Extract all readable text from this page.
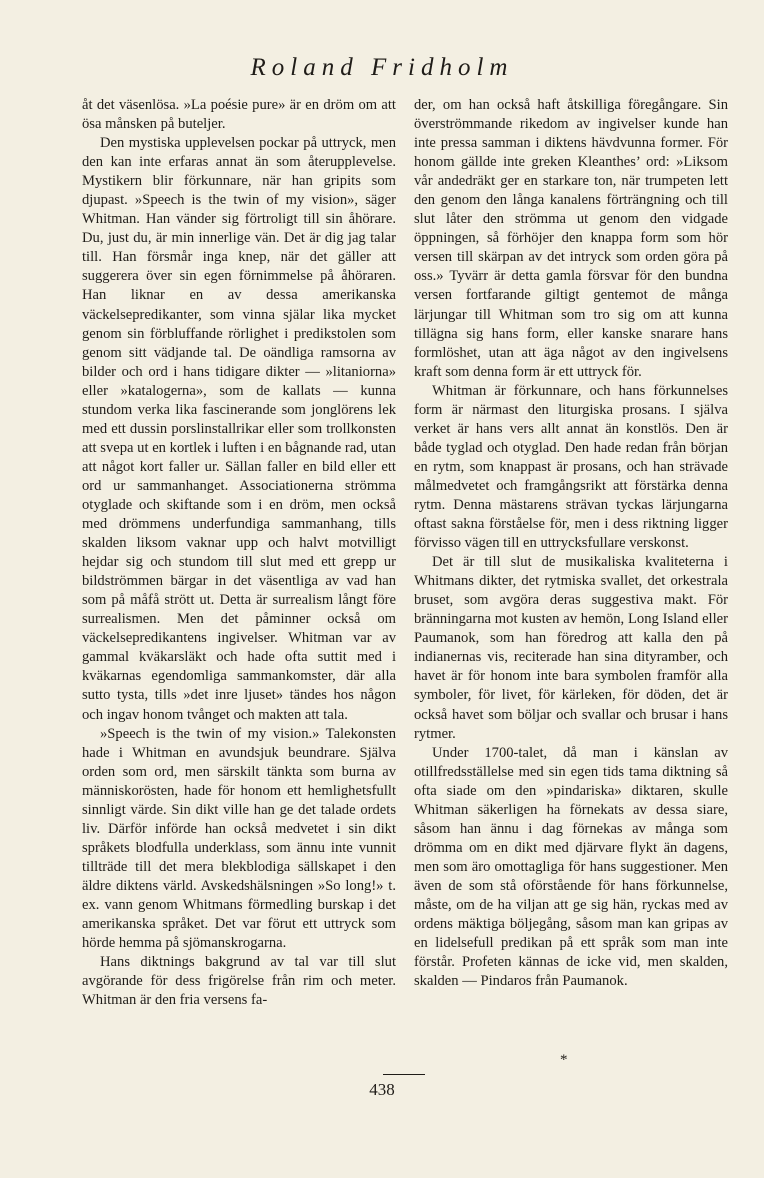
Roland Fridholm

åt det väsenlösa. »La poésie pure» är en dröm om att ösa månsken på buteljer.

Den mystiska upplevelsen pockar på uttryck, men den kan inte erfaras annat än som återupplevelse. Mystikern blir förkunnare, när han gripits som djupast. »Speech is the twin of my vision», säger Whitman. Han vänder sig förtroligt till sin åhörare. Du, just du, är min innerlige vän. Det är dig jag talar till. Han försmår inga knep, när det gäller att suggerera över sin egen förnimmelse på åhöraren. Han liknar en av dessa amerikanska väckelsepredikanter, som vinna själar lika mycket genom sin förbluffande rörlighet i predikstolen som genom sitt vädjande tal. De oändliga ramsorna av bilder och ord i hans tidigare dikter — »litaniorna» eller »katalogerna», som de kallats — kunna stundom verka lika fascinerande som jonglörens lek med ett dussin porslinstallrikar eller som trollkonsten att svepa ut en kortlek i luften i en bågnande rad, utan att något kort faller ur. Sällan faller en bild eller ett ord ur sammanhanget. Associationerna strömma otyglade och skiftande som i en dröm, men också med drömmens underfundiga sammanhang, tills skalden liksom vaknar upp och halvt motvilligt hejdar sig och stundom till slut med ett grepp ur bildströmmen bärgar in det väsentliga av vad han som på måfå strött ut. Detta är surrealism långt före surrealismen. Men det påminner också om väckelsepredikantens ingivelser. Whitman var av gammal kväkarsläkt och hade ofta suttit med i kväkarnas egendomliga sammankomster, där alla sutto tysta, tills »det inre ljuset» tändes hos någon och ingav honom tvånget och makten att tala.

»Speech is the twin of my vision.» Talekonsten hade i Whitman en avundsjuk beundrare. Själva orden som ord, men särskilt tänkta som burna av människorösten, hade för honom ett hemlighetsfullt sinnligt värde. Sin dikt ville han ge det talade ordets liv. Därför införde han också medvetet i sin dikt språkets blodfulla underklass, som ännu inte vunnit tillträde till det mera blekblodiga sällskapet i den äldre diktens värld. Avskedshälsningen »So long!» t. ex. vann genom Whitmans förmedling burskap i det amerikanska språket. Det var förut ett uttryck som hörde hemma på sjömanskrogarna.

Hans diktnings bakgrund av tal var till slut avgörande för dess frigörelse från rim och meter. Whitman är den fria versens fa-

der, om han också haft åtskilliga föregångare. Sin överströmmande rikedom av ingivelser kunde han inte pressa samman i diktens hävdvunna former. För honom gällde inte greken Kleanthes’ ord: »Liksom vår andedräkt ger en starkare ton, när trumpeten lett den genom den långa kanalens förträngning och till slut låter den strömma ut genom den vidgade öppningen, så förhöjer den knappa form som hör versen till skärpan av det intryck som orden göra på oss.» Tyvärr är detta gamla försvar för den bundna versen fortfarande giltigt gentemot de många lärjungar till Whitman som tro sig om att kunna tillägna sig hans form, eller kanske snarare hans formlöshet, utan att äga något av den ingivelsens kraft som denna form är ett uttryck för.

Whitman är förkunnare, och hans förkunnelses form är närmast den liturgiska prosans. I själva verket är hans vers allt annat än konstlös. Den är både tyglad och otyglad. Den hade redan från början en rytm, som knappast är prosans, och han strävade målmedvetet och framgångsrikt att förstärka denna rytm. Denna mästarens strävan tyckas lärjungarna oftast sakna förståelse för, men i dess riktning ligger förvisso vägen till en uttrycksfullare verskonst.

Det är till slut de musikaliska kvaliteterna i Whitmans dikter, det rytmiska svallet, det orkestrala bruset, som avgöra deras suggestiva makt. För bränningarna mot kusten av hemön, Long Island eller Paumanok, som han föredrog att kalla den på indianernas vis, reciterade han sina dityramber, och havet är för honom inte bara symbolen framför alla symboler, för livet, för kärleken, för döden, det är också havet som böljar och svallar och brusar i hans rytmer.

Under 1700-talet, då man i känslan av otillfredsställelse med sin egen tids tama diktning så ofta siade om den »pindariska» diktaren, skulle Whitman säkerligen ha förnekats av dessa siare, såsom han ännu i dag förnekas av många som drömma om en dikt med djärvare flykt än dagens, men som äro omottagliga för hans suggestioner. Men även de som stå oförstående för hans förkunnelse, måste, om de ha viljan att ge sig hän, ryckas med av ordens mäktiga böljegång, såsom man kan gripas av en lidelsefull predikan på ett språk som man inte förstår. Profeten kännas de icke vid, men skalden, skalden — Pindaros från Paumanok.

*
438
